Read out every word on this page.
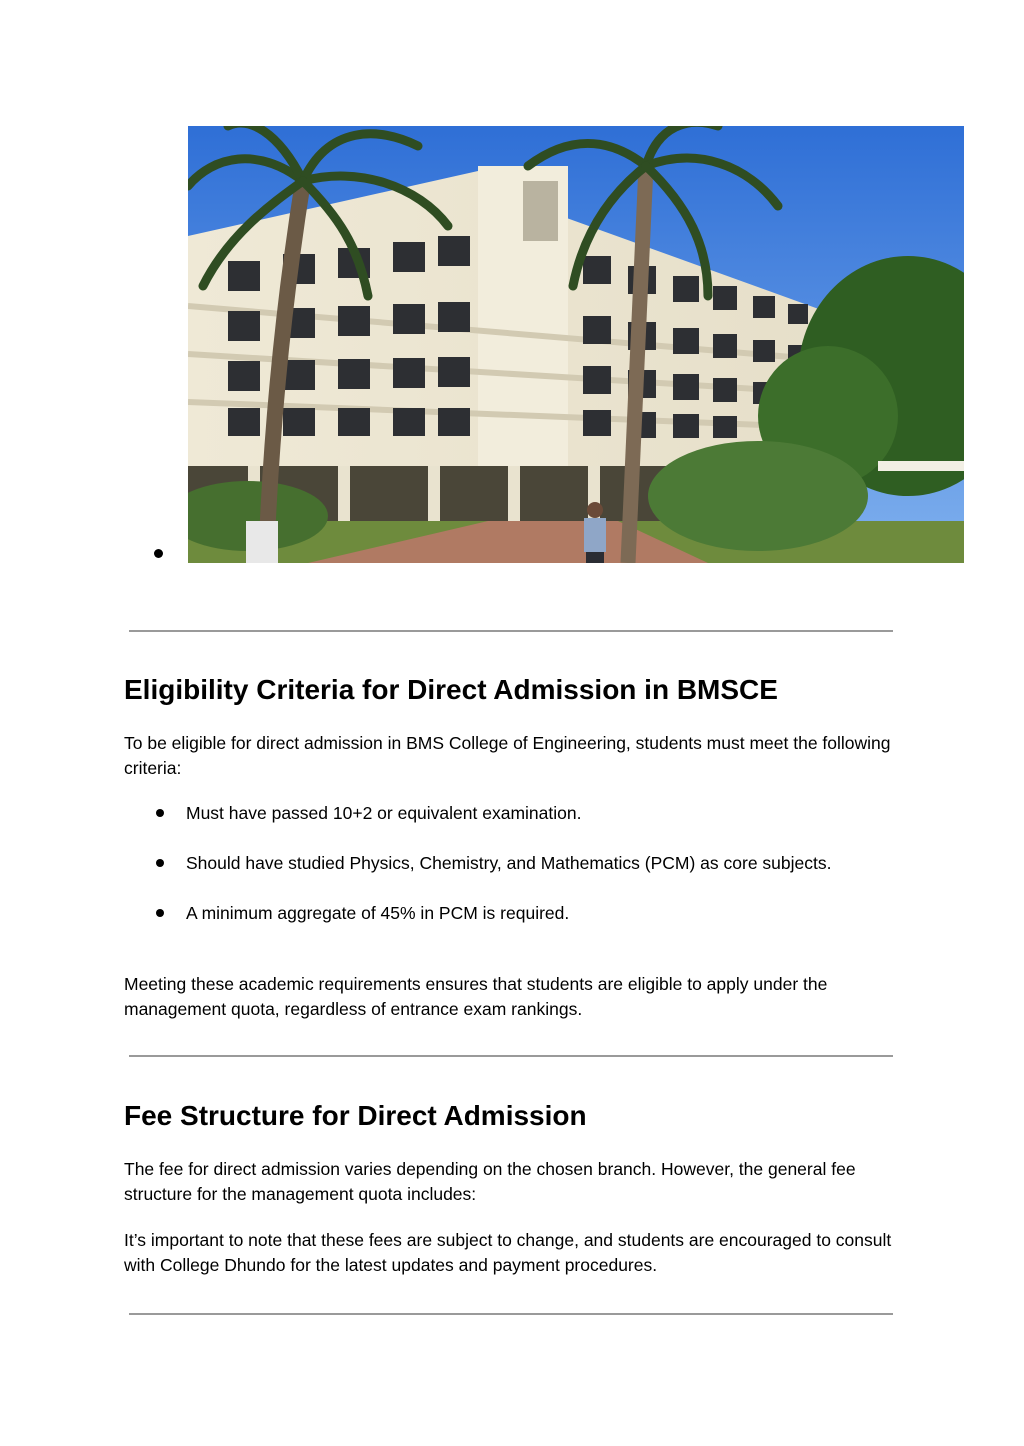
Eligibility Criteria for Direct Admission in BMSCE

To be eligible for direct admission in BMS College of Engineering, students must meet the following criteria:

Must have passed 10+2 or equivalent examination.
Should have studied Physics, Chemistry, and Mathematics (PCM) as core subjects.
A minimum aggregate of 45% in PCM is required.

Meeting these academic requirements ensures that students are eligible to apply under the management quota, regardless of entrance exam rankings.

Fee Structure for Direct Admission

The fee for direct admission varies depending on the chosen branch. However, the general fee structure for the management quota includes:

It’s important to note that these fees are subject to change, and students are encouraged to consult with College Dhundo for the latest updates and payment procedures.
